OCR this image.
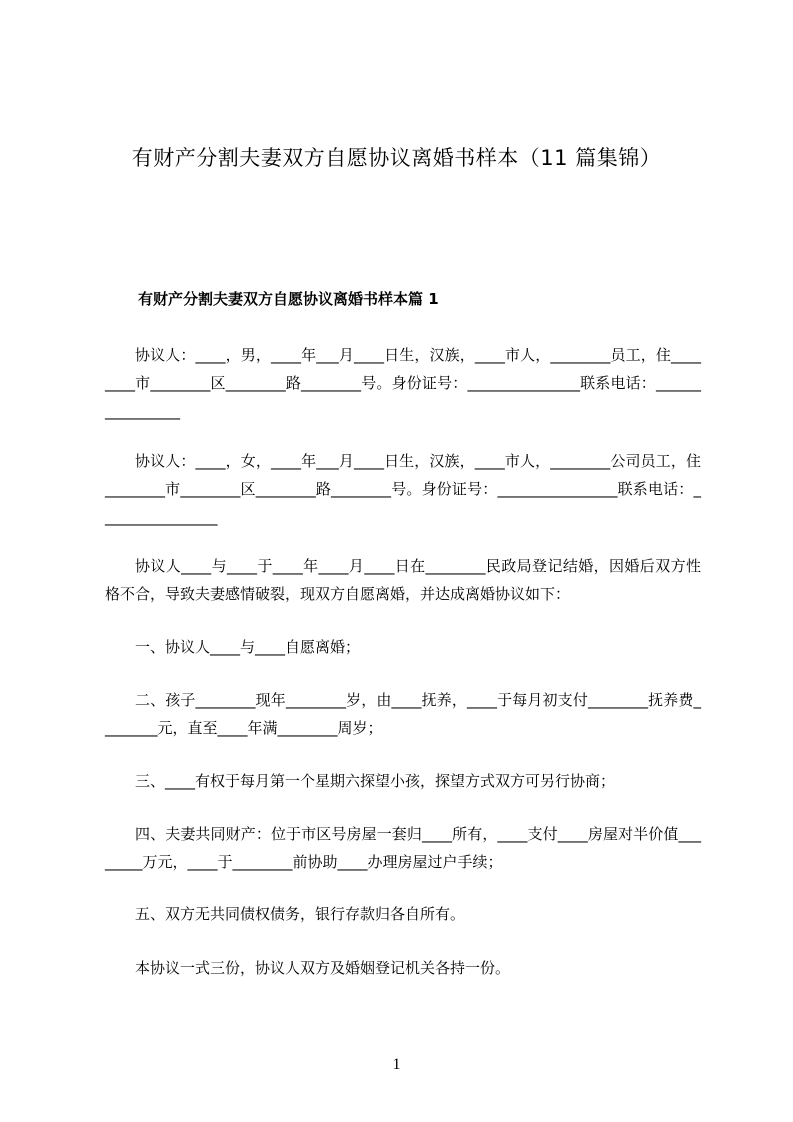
有财产分割夫妻双方自愿协议离婚书样本（11 篇集锦）
有财产分割夫妻双方自愿协议离婚书样本篇 1
协议人：____，男，____年___月____日生，汉族，____市人，________员工，住________市________区________路________号。身份证号：_______________联系电话：________________
协议人：____，女，____年___月____日生，汉族，____市人，________公司员工，住________市________区________路________号。身份证号：________________联系电话：________________
协议人____与____于____年____月____日在________民政局登记结婚，因婚后双方性格不合，导致夫妻感情破裂，现双方自愿离婚，并达成离婚协议如下：
一、协议人____与____自愿离婚；
二、孩子________现年________岁，由____抚养，____于每月初支付________抚养费________元，直至____年满________周岁；
三、____有权于每月第一个星期六探望小孩，探望方式双方可另行协商；
四、夫妻共同财产：位于市区号房屋一套归____所有，____支付____房屋对半价值________万元，____于________前协助____办理房屋过户手续；
五、双方无共同债权债务，银行存款归各自所有。
本协议一式三份，协议人双方及婚姻登记机关各持一份。
1
